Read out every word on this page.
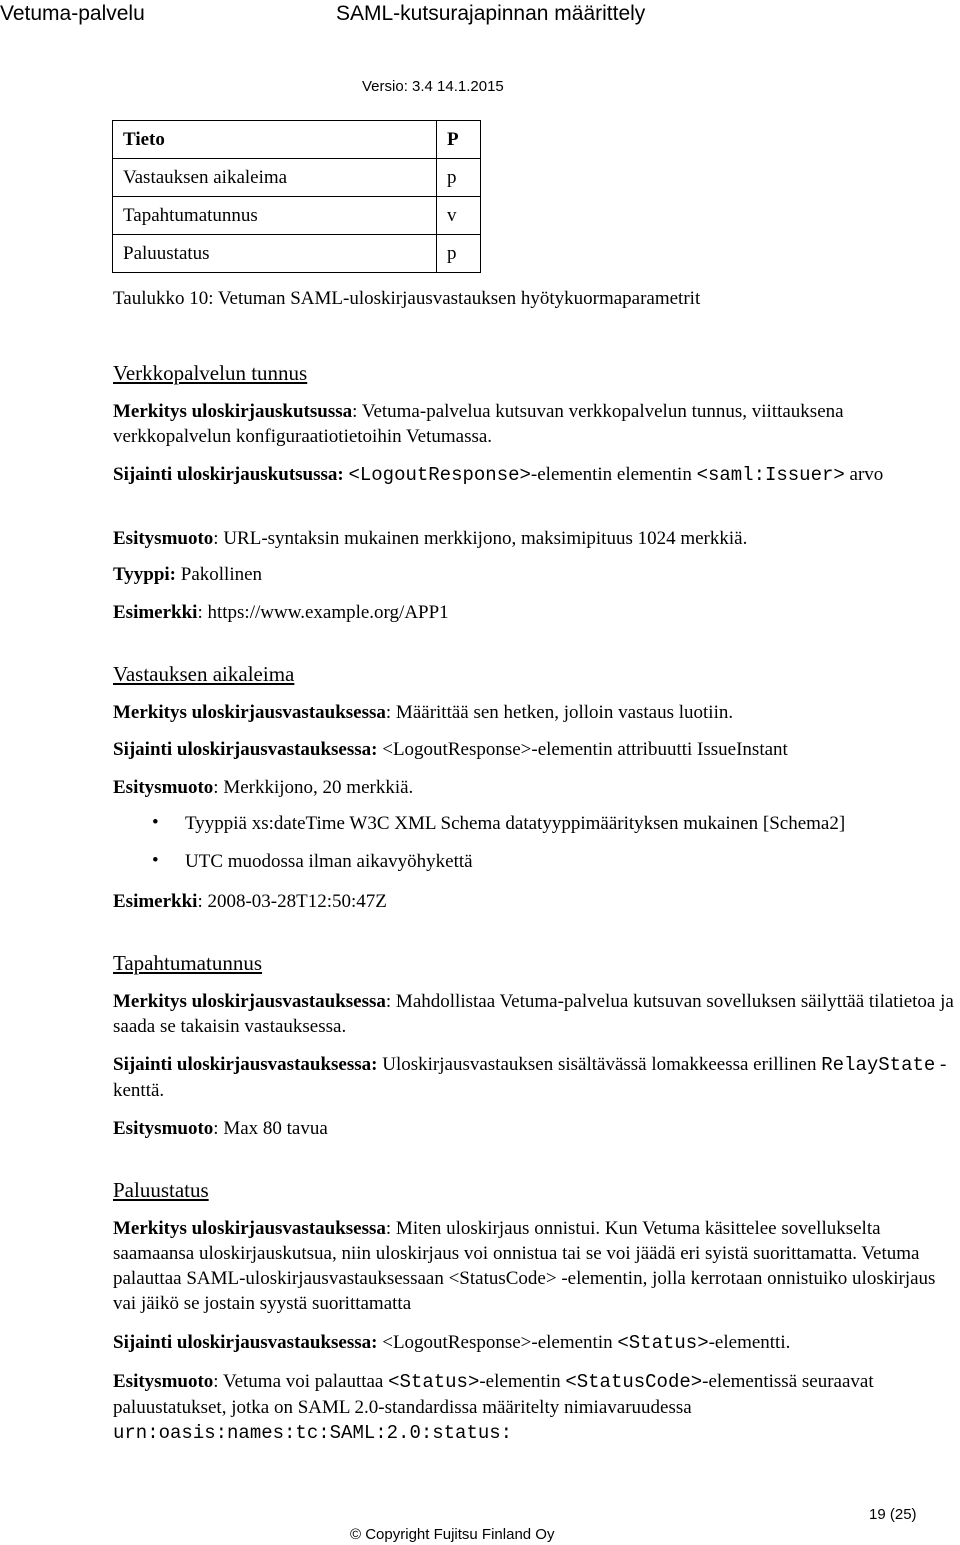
Vetuma-palvelu	SAML-kutsurajapinnan määrittely
Versio: 3.4 14.1.2015
Tieto	P
Vastauksen aikaleima	p
Tapahtumatunnus	v
Paluustatus	p
Taulukko 10: Vetuman SAML-uloskirjausvastauksen hyötykuormaparametrit
Verkkopalvelun tunnus
Merkitys uloskirjauskutsussa: Vetuma-palvelua kutsuvan verkkopalvelun tunnus, viittauksena verkkopalvelun konfiguraatiotietoihin Vetumassa.
Sijainti uloskirjauskutsussa: <LogoutResponse>-elementin elementin <saml:Issuer> arvo
Esitysmuoto: URL-syntaksin mukainen merkkijono, maksimipituus 1024 merkkiä.
Tyyppi: Pakollinen
Esimerkki: https://www.example.org/APP1
Vastauksen aikaleima
Merkitys uloskirjausvastauksessa: Määrittää sen hetken, jolloin vastaus luotiin.
Sijainti uloskirjausvastauksessa: <LogoutResponse>-elementin attribuutti IssueInstant
Esitysmuoto: Merkkijono, 20 merkkiä.
• Tyyppiä xs:dateTime W3C XML Schema datatyyppimäärityksen mukainen [Schema2]
• UTC muodossa ilman aikavyöhykettä
Esimerkki: 2008-03-28T12:50:47Z
Tapahtumatunnus
Merkitys uloskirjausvastauksessa: Mahdollistaa Vetuma-palvelua kutsuvan sovelluksen säilyttää tilatietoa ja saada se takaisin vastauksessa.
Sijainti uloskirjausvastauksessa: Uloskirjausvastauksen sisältävässä lomakkeessa erillinen RelayState -kenttä.
Esitysmuoto: Max 80 tavua
Paluustatus
Merkitys uloskirjausvastauksessa: Miten uloskirjaus onnistui. Kun Vetuma käsittelee sovellukselta saamaansa uloskirjauskutsua, niin uloskirjaus voi onnistua tai se voi jäädä eri syistä suorittamatta. Vetuma palauttaa SAML-uloskirjausvastauksessaan <StatusCode> -elementin, jolla kerrotaan onnistuiko uloskirjaus vai jäikö se jostain syystä suorittamatta
Sijainti uloskirjausvastauksessa: <LogoutResponse>-elementin <Status>-elementti.
Esitysmuoto: Vetuma voi palauttaa <Status>-elementin <StatusCode>-elementissä seuraavat paluustatukset, jotka on SAML 2.0-standardissa määritelty nimiavaruudessa urn:oasis:names:tc:SAML:2.0:status:
19 (25)
© Copyright Fujitsu Finland Oy
